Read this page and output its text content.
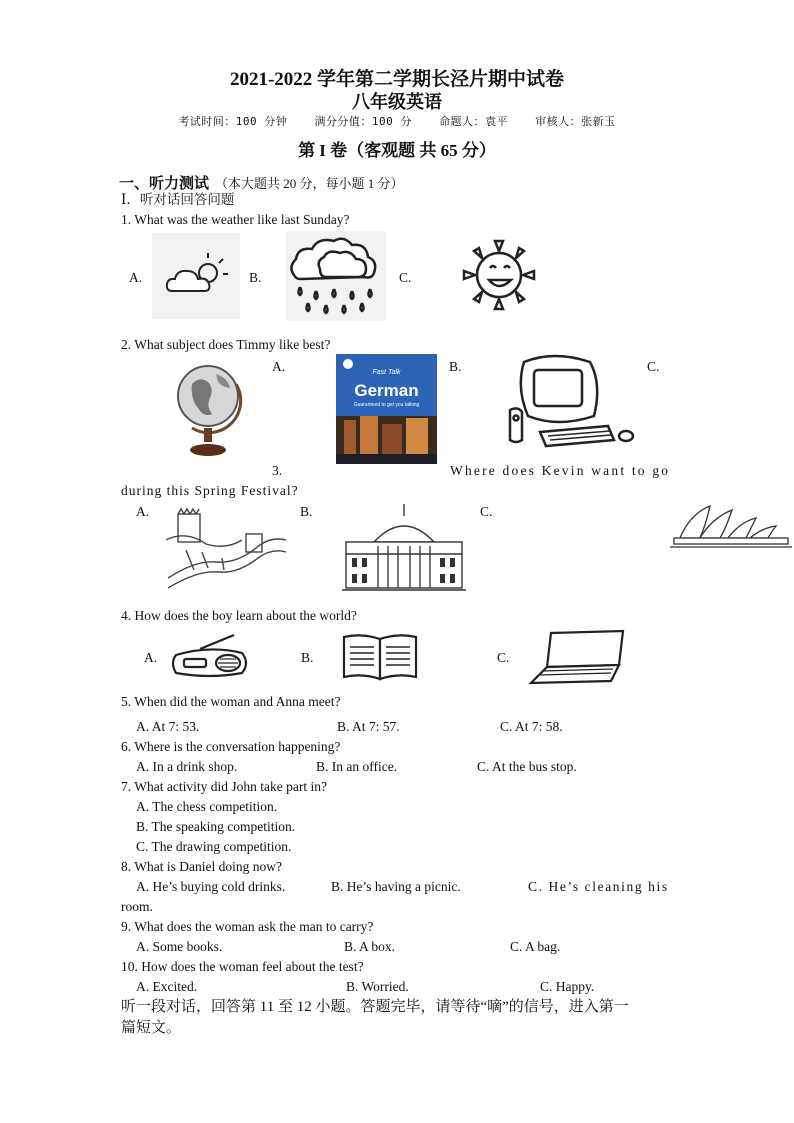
2021-2022 学年第二学期长泾片期中试卷
八年级英语
考试时间：100 分钟 满分分值：100 分 命题人：袁平 审核人：张新玉
第 I 卷（客观题 共 65 分）
一、听力测试 （本大题共 20 分，每小题 1 分）
Ⅰ．听对话回答问题
1. What was the weather like last Sunday?
A.	B.	C.
2. What subject does Timmy like best?
A.	Fast Talk
German
Guaranteed to get you talking
B.	C.
3.	Where does Kevin want to go
during this Spring Festival?
A.	B.	C.
4. How does the boy learn about the world?
A.	B.	C.
5. When did the woman and Anna meet?
A. At 7: 53.	B. At 7: 57.	C. At 7: 58.
6. Where is the conversation happening?
A. In a drink shop.	B. In an office.	C. At the bus stop.
7. What activity did John take part in?
A. The chess competition.
B. The speaking competition.
C. The drawing competition.
8. What is Daniel doing now?
A. He’s buying cold drinks.	B. He’s having a picnic.	C. He’s cleaning his
room.
9. What does the woman ask the man to carry?
A. Some books.	B. A box.	C. A bag.
10. How does the woman feel about the test?
A. Excited.	B. Worried.	C. Happy.
听一段对话，回答第 11 至 12 小题。答题完毕，请等待“嘀”的信号，进入第一
篇短文。
